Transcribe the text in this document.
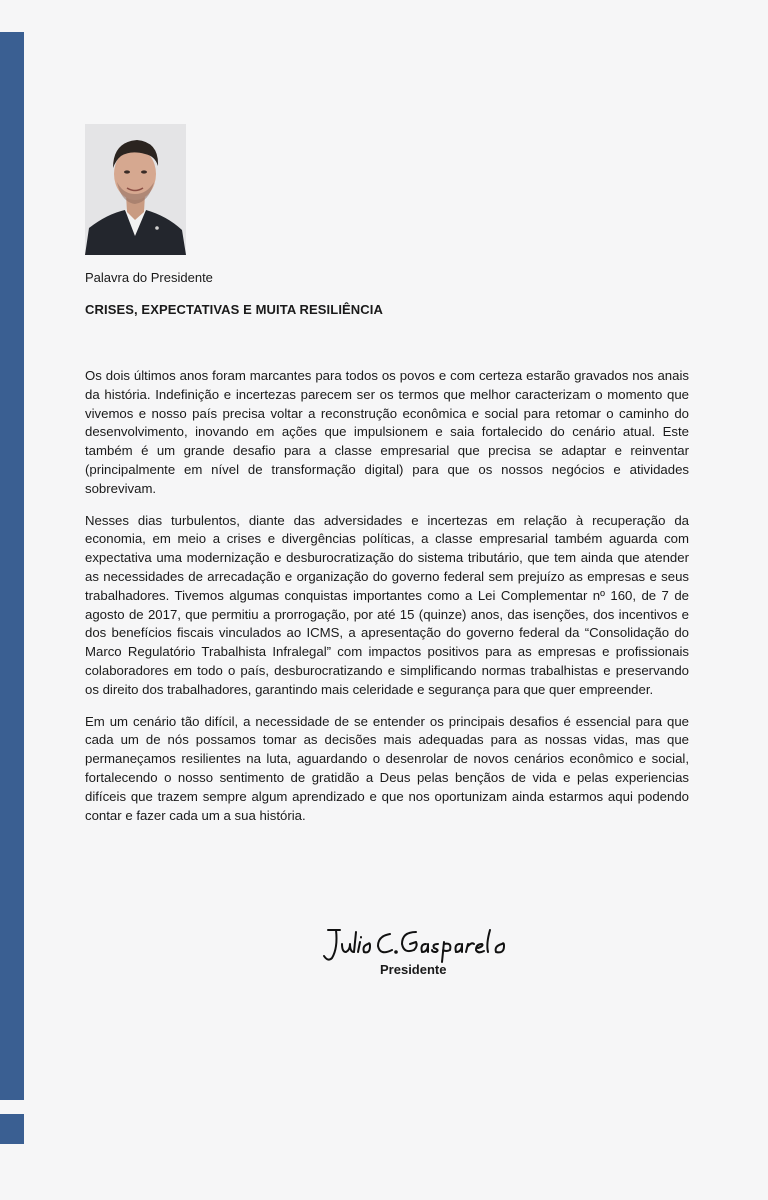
Palavra do Presidente
CRISES, EXPECTATIVAS E MUITA RESILIÊNCIA

Os dois últimos anos foram marcantes para todos os povos e com certeza estarão gravados nos anais da história. Indefinição e incertezas parecem ser os termos que melhor caracterizam o momento que vivemos e nosso país precisa voltar a reconstrução econômica e social para retomar o caminho do desenvolvimento, inovando em ações que impulsionem e saia fortalecido do cenário atual. Este também é um grande desafio para a classe empresarial que precisa se adaptar e reinventar (principalmente em nível de transformação digital) para que os nossos negócios e atividades sobrevivam.

Nesses dias turbulentos, diante das adversidades e incertezas em relação à recuperação da economia, em meio a crises e divergências políticas, a classe empresarial também aguarda com expectativa uma modernização e desburocratização do sistema tributário, que tem ainda que atender as necessidades de arrecadação e organização do governo federal sem prejuízo as empresas e seus trabalhadores. Tivemos algumas conquistas importantes como a Lei Complementar nº 160, de 7 de agosto de 2017, que permitiu a prorrogação, por até 15 (quinze) anos, das isenções, dos incentivos e dos benefícios fiscais vinculados ao ICMS, a apresentação do governo federal da “Consolidação do Marco Regulatório Trabalhista Infralegal” com impactos positivos para as empresas e profissionais colaboradores em todo o país, desburocratizando e simplificando normas trabalhistas e preservando os direito dos trabalhadores, garantindo mais celeridade e segurança para que quer empreender.

Em um cenário tão difícil, a necessidade de se entender os principais desafios é essencial para que cada um de nós possamos tomar as decisões mais adequadas para as nossas vidas, mas que permaneçamos resilientes na luta, aguardando o desenrolar de novos cenários econômico e social, fortalecendo o nosso sentimento de gratidão a Deus pelas bençãos de vida e pelas experiencias difíceis que trazem sempre algum aprendizado e que nos oportunizam ainda estarmos aqui podendo contar e fazer cada um a sua história.

Presidente
